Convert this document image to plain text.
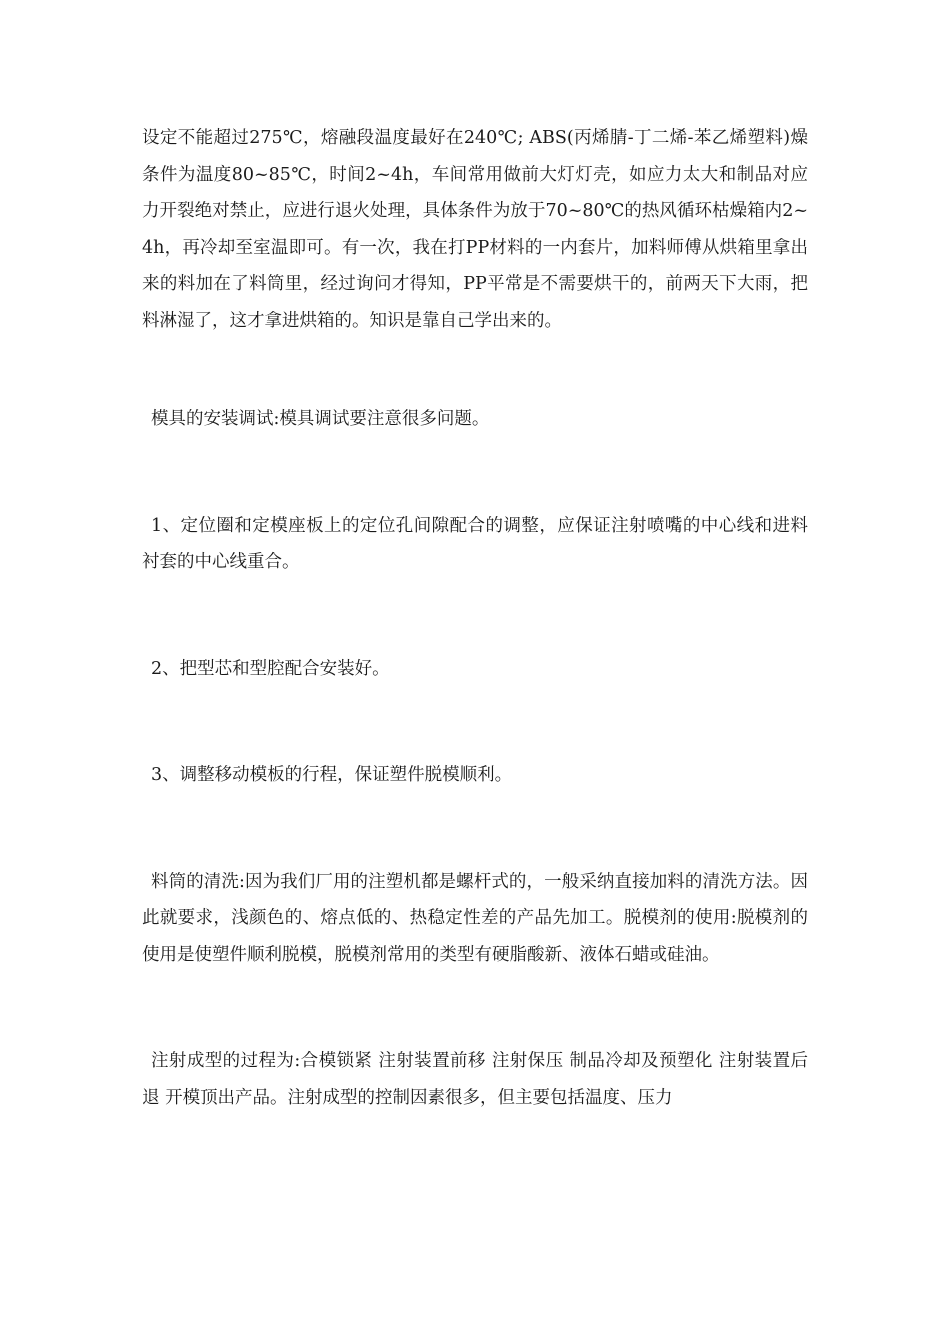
设定不能超过275℃，熔融段温度最好在240℃; ABS(丙烯腈-丁二烯-苯乙烯塑料)燥条件为温度80~85℃，时间2~4h，车间常用做前大灯灯壳，如应力太大和制品对应力开裂绝对禁止，应进行退火处理，具体条件为放于70~80℃的热风循环枯燥箱内2~4h，再冷却至室温即可。有一次，我在打PP材料的一内套片，加料师傅从烘箱里拿出来的料加在了料筒里，经过询问才得知，PP平常是不需要烘干的，前两天下大雨，把料淋湿了，这才拿进烘箱的。知识是靠自己学出来的。

模具的安装调试:模具调试要注意很多问题。

1、定位圈和定模座板上的定位孔间隙配合的调整，应保证注射喷嘴的中心线和进料衬套的中心线重合。

2、把型芯和型腔配合安装好。

3、调整移动模板的行程，保证塑件脱模顺利。

料筒的清洗:因为我们厂用的注塑机都是螺杆式的，一般采纳直接加料的清洗方法。因此就要求，浅颜色的、熔点低的、热稳定性差的产品先加工。脱模剂的使用:脱模剂的使用是使塑件顺利脱模，脱模剂常用的类型有硬脂酸新、液体石蜡或硅油。

注射成型的过程为:合模锁紧 注射装置前移 注射保压 制品冷却及预塑化 注射装置后退 开模顶出产品。注射成型的控制因素很多，但主要包括温度、压力
